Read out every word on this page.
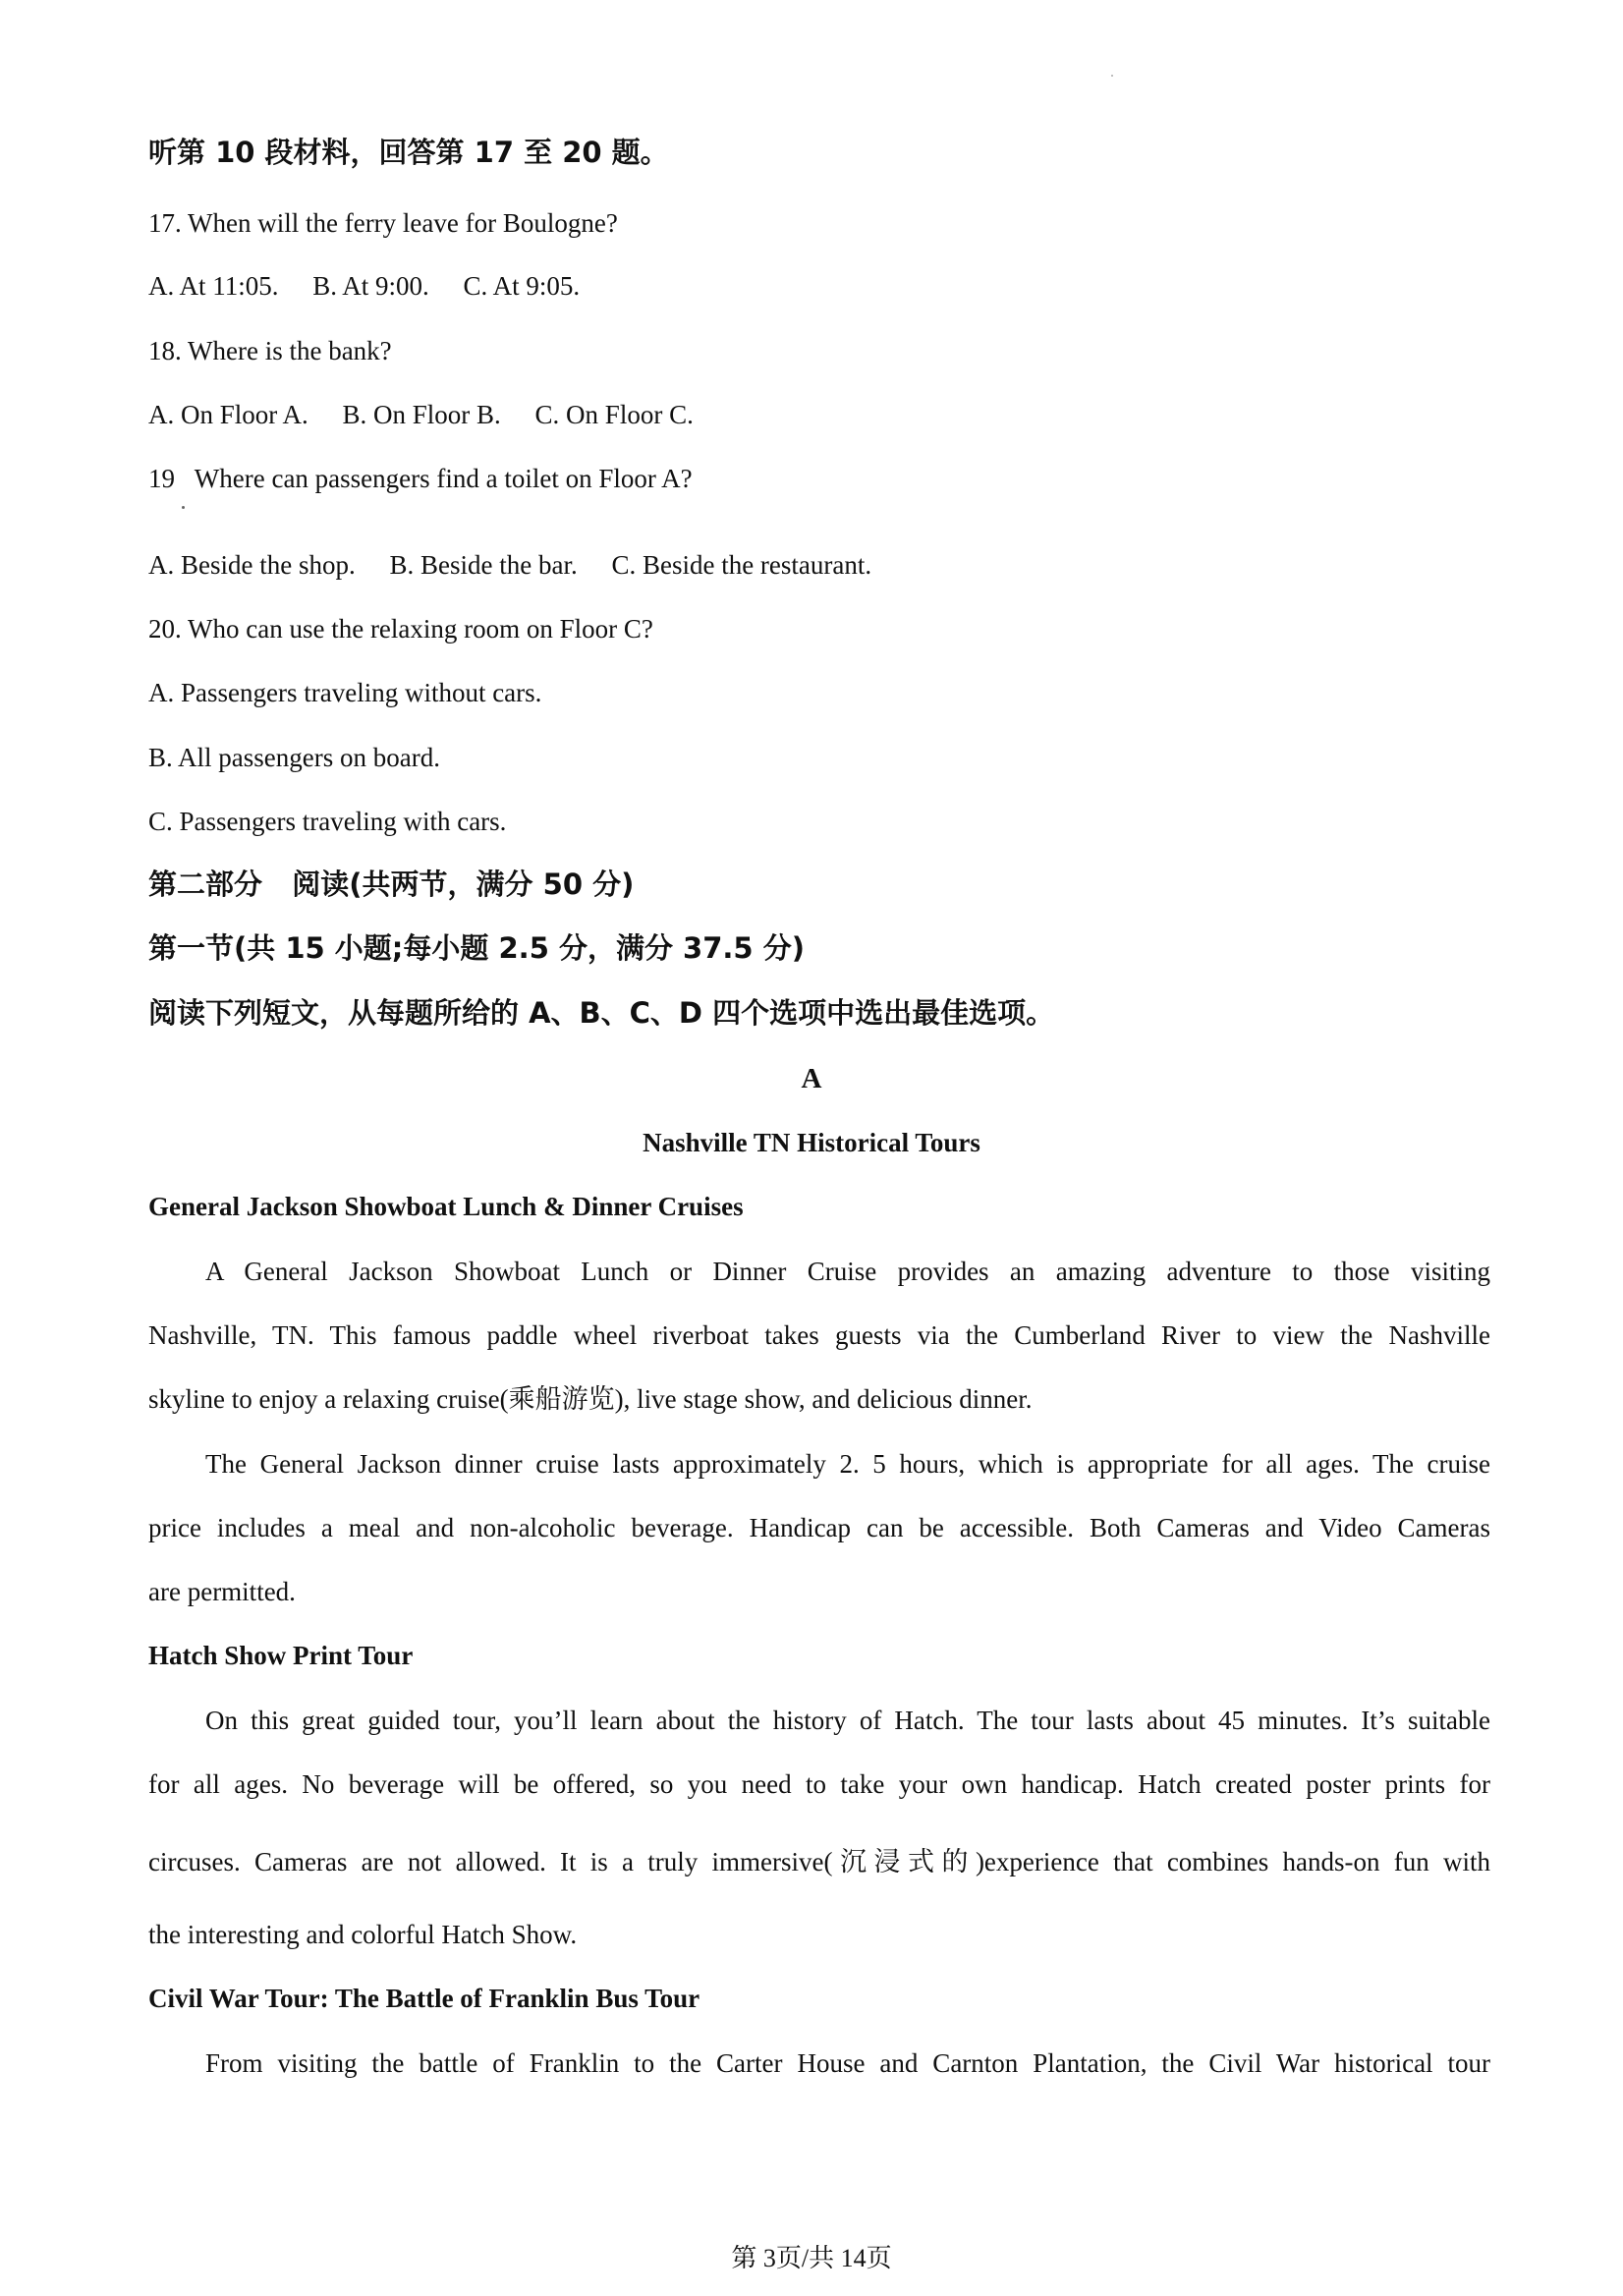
听第 10 段材料，回答第 17 至 20 题。
17. When will the ferry leave for Boulogne?
A. At 11:05. B. At 9:00. C. At 9:05.
18. Where is the bank?
A. On Floor A. B. On Floor B. C. On Floor C.
19   Where can passengers find a toilet on Floor A?
A. Beside the shop. B. Beside the bar. C. Beside the restaurant.
20. Who can use the relaxing room on Floor C?
A. Passengers traveling without cars.
B. All passengers on board.
C. Passengers traveling with cars.
第二部分   阅读(共两节，满分 50 分)
第一节(共 15 小题;每小题 2.5 分，满分 37.5 分)
阅读下列短文，从每题所给的 A、B、C、D 四个选项中选出最佳选项。
A
Nashville TN Historical Tours
General Jackson Showboat Lunch & Dinner Cruises
A General Jackson Showboat Lunch or Dinner Cruise provides an amazing adventure to those visiting
Nashville, TN. This famous paddle wheel riverboat takes guests via the Cumberland River to view the Nashville
skyline to enjoy a relaxing cruise(乘船游览), live stage show, and delicious dinner.
The General Jackson dinner cruise lasts approximately 2. 5 hours, which is appropriate for all ages. The cruise
price includes a meal and non-alcoholic beverage. Handicap can be accessible. Both Cameras and Video Cameras
are permitted.
Hatch Show Print Tour
On this great guided tour, you’ll learn about the history of Hatch. The tour lasts about 45 minutes. It’s suitable
for all ages. No beverage will be offered, so you need to take your own handicap. Hatch created poster prints for
circuses. Cameras are not allowed. It is a truly immersive(沉浸式的)experience that combines hands-on fun with
the interesting and colorful Hatch Show.
Civil War Tour: The Battle of Franklin Bus Tour
From visiting the battle of Franklin to the Carter House and Carnton Plantation, the Civil War historical tour
第 3页/共 14页
